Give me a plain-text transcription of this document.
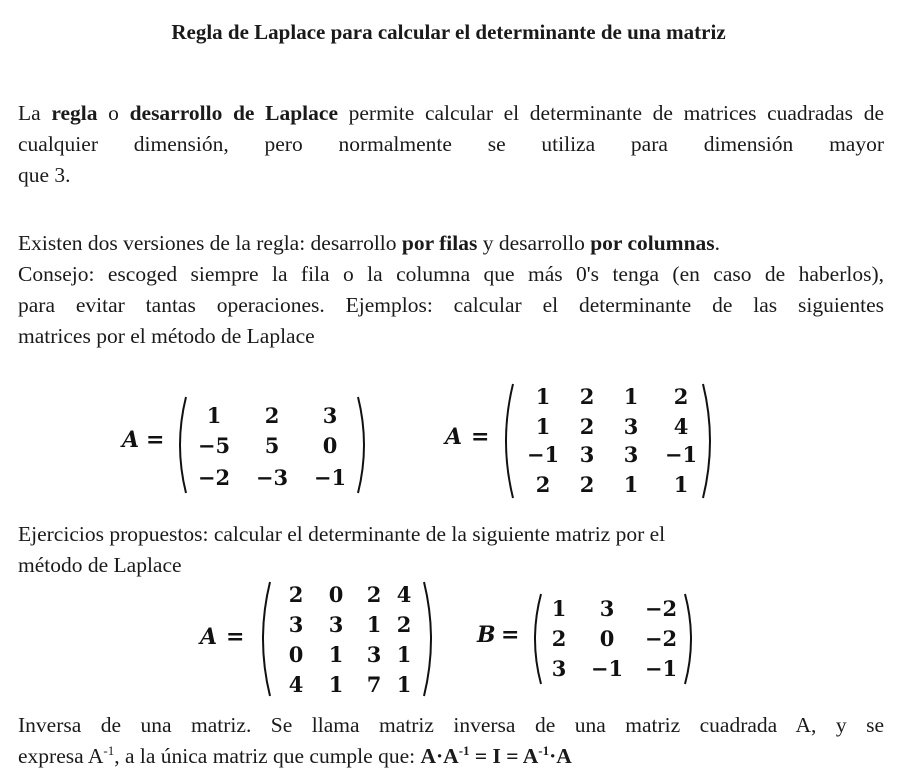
Regla de Laplace para calcular el determinante de una matriz
La regla o desarrollo de Laplace permite calcular el determinante de matrices cuadradas de cualquier dimensión, pero normalmente se utiliza para dimensión mayor
que 3.
Existen dos versiones de la regla: desarrollo por filas y desarrollo por columnas.
Consejo: escoged siempre la fila o la columna que más 0's tenga (en caso de haberlos),
para evitar tantas operaciones. Ejemplos: calcular el determinante de las siguientes
matrices por el método de Laplace
A =
1	2	3
−5	5	0
−2 −3 −1
A =
1	2	1	2
1	2	3	4
−1 3	3	−1
2	2	1	1
Ejercicios propuestos: calcular el determinante de la siguiente matriz por el
método de Laplace
A =
2	0	2 4
3	3	1 2
0	1	3 1
4	1	7 1
B =
1	3	−2
2	0	−2
3	−1 −1
Inversa de una matriz. Se llama matriz inversa de una matriz cuadrada A, y se
expresa $A^{-1}$, a la única matriz que cumple que: $A\cdot A^{-1} = I = A^{-1}\cdot A$
